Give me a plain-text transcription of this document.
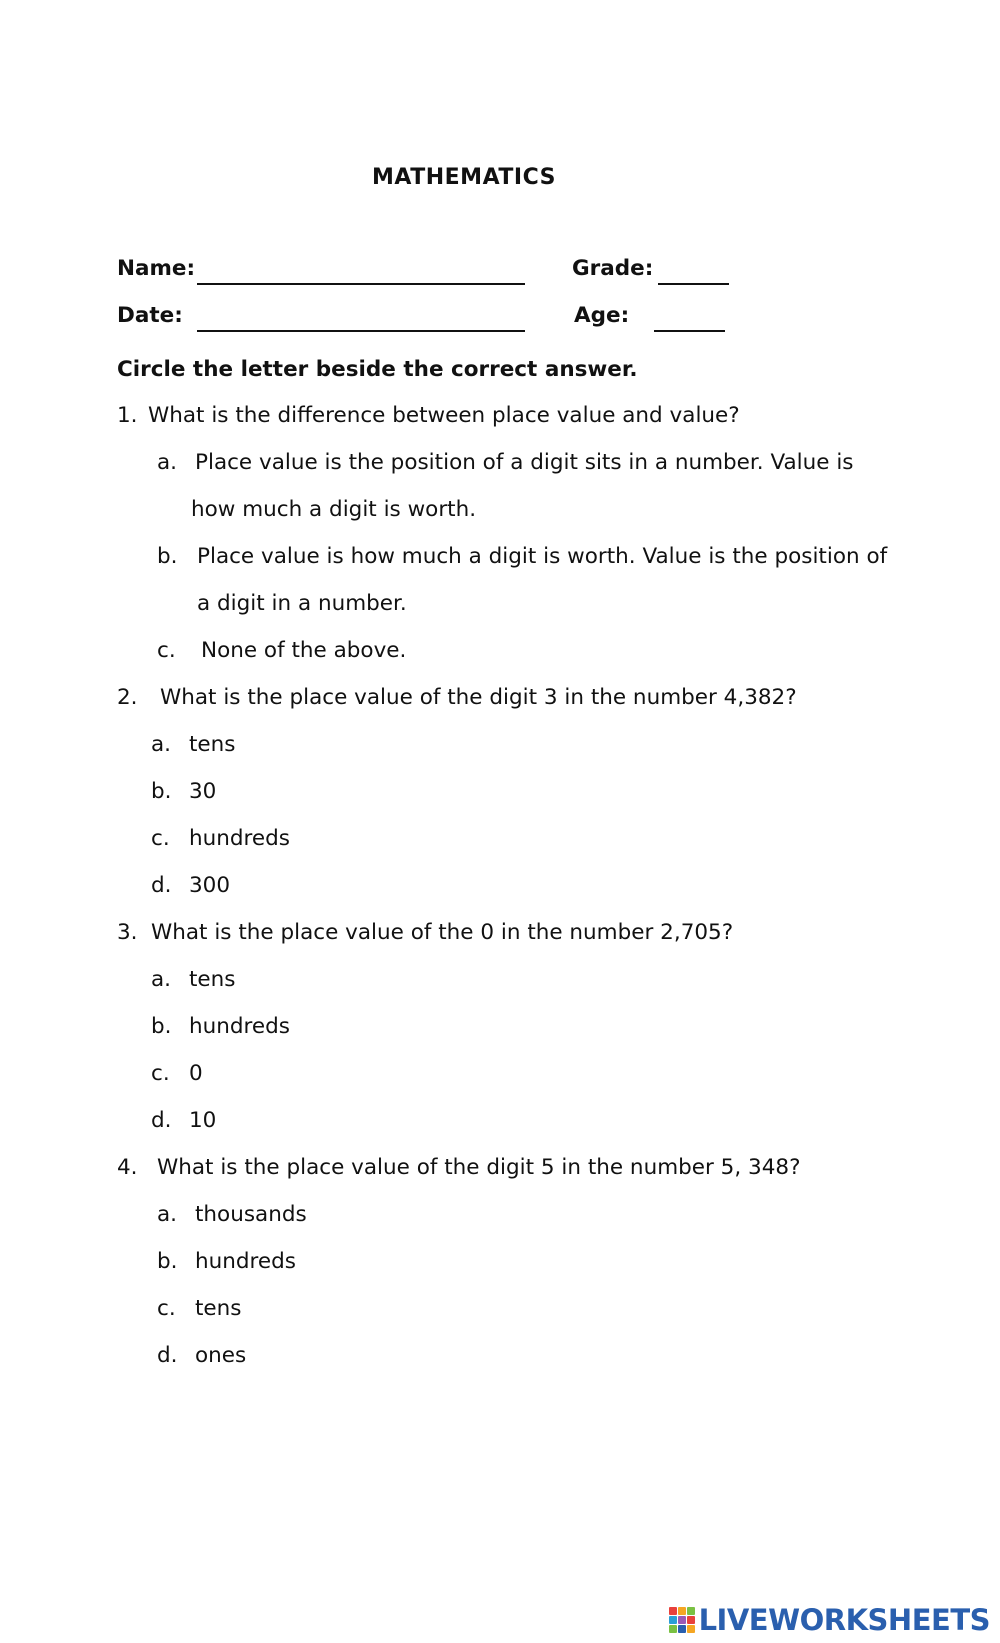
MATHEMATICS
Name:	Grade:
Date:	Age:
Circle the letter beside the correct answer.
1. What is the difference between place value and value?
a. Place value is the position of a digit sits in a number. Value is
how much a digit is worth.
b. Place value is how much a digit is worth. Value is the position of
a digit in a number.
c. None of the above.
2. What is the place value of the digit 3 in the number 4,382?
a. tens
b. 30
c. hundreds
d. 300
3. What is the place value of the 0 in the number 2,705?
a. tens
b. hundreds
c. 0
d. 10
4. What is the place value of the digit 5 in the number 5, 348?
a. thousands
b. hundreds
c. tens
d. ones
LIVEWORKSHEETS
